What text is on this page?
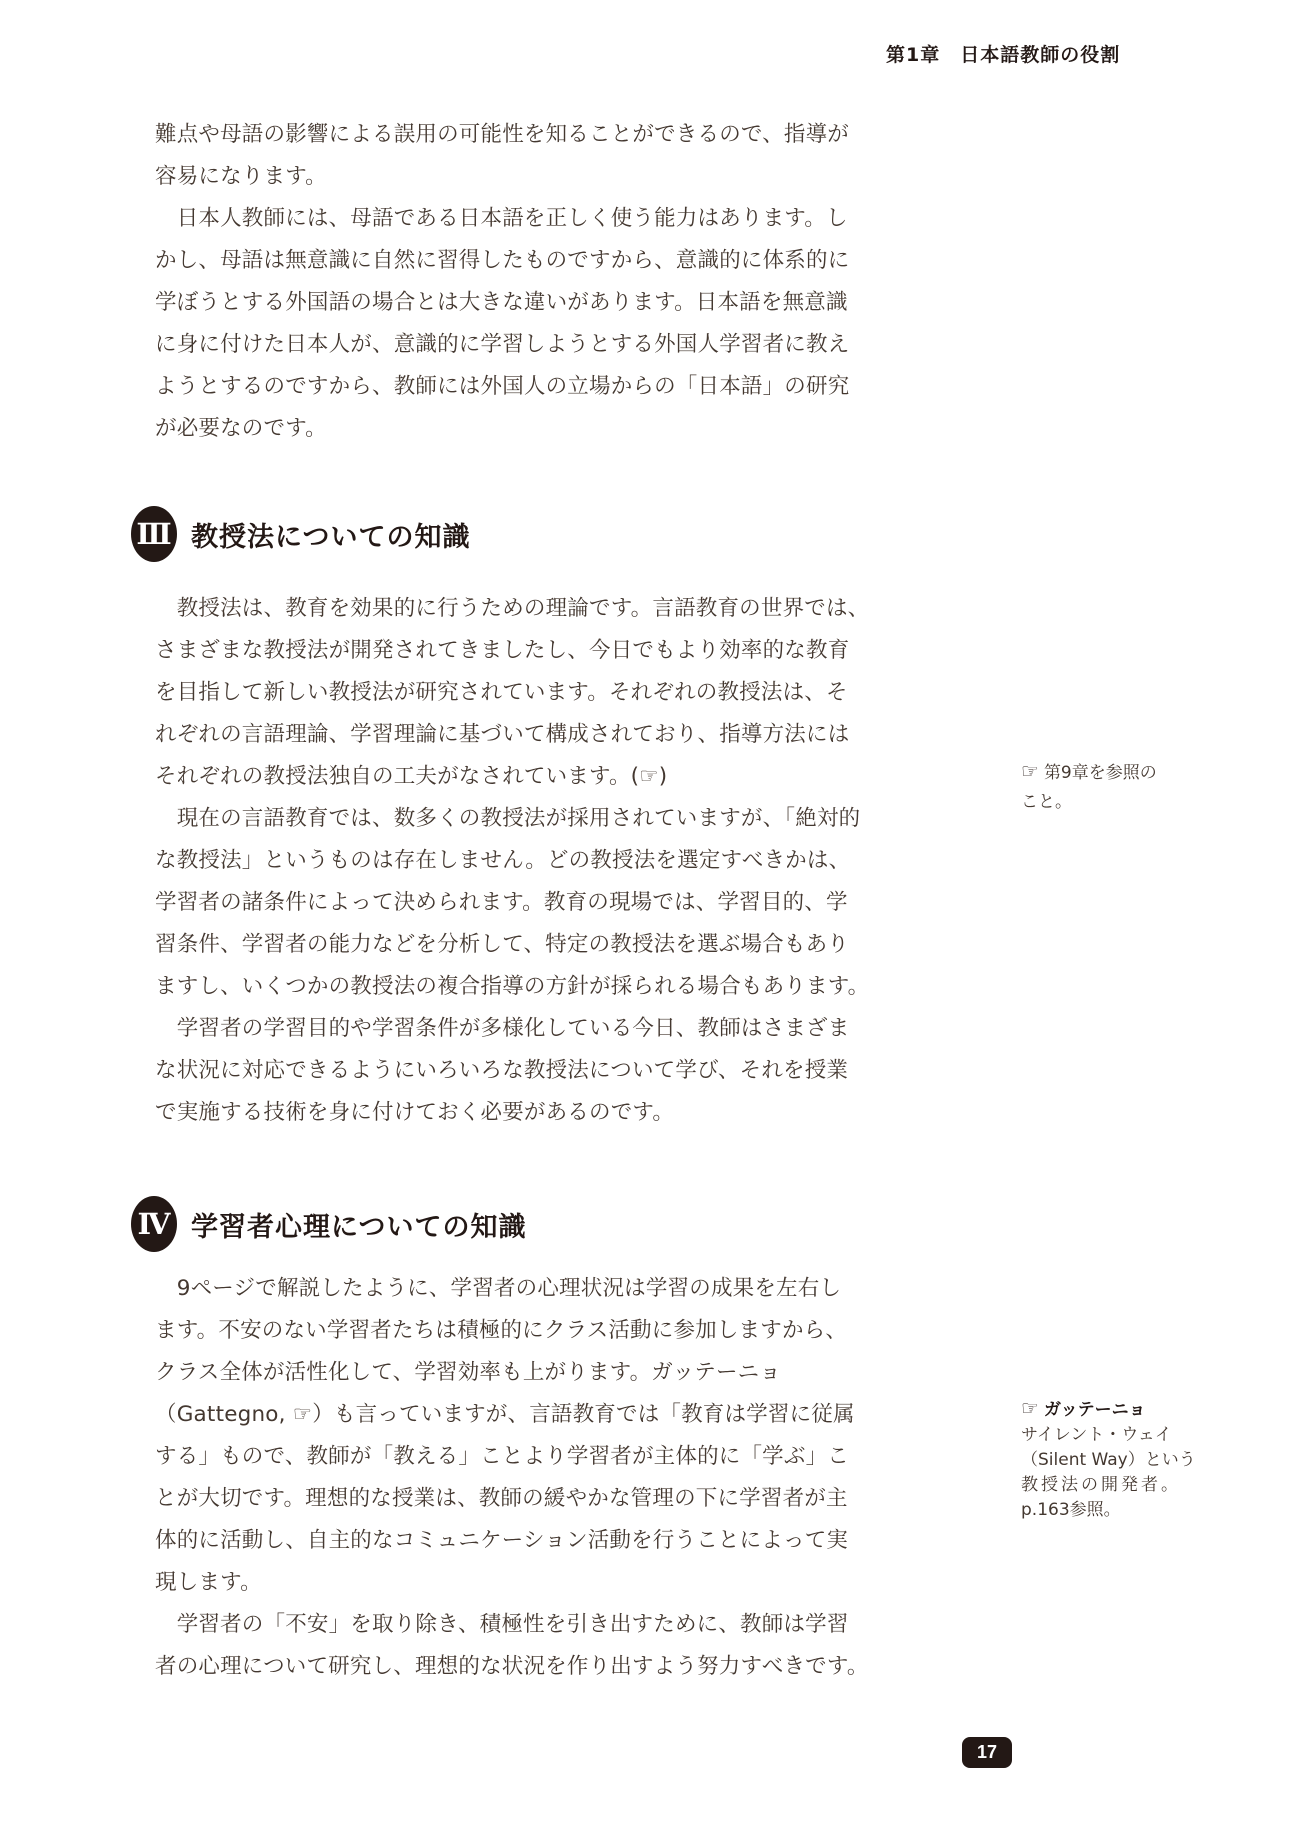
第1章　日本語教師の役割
難点や母語の影響による誤用の可能性を知ることができるので、指導が
容易になります。
　日本人教師には、母語である日本語を正しく使う能力はあります。し
かし、母語は無意識に自然に習得したものですから、意識的に体系的に
学ぼうとする外国語の場合とは大きな違いがあります。日本語を無意識
に身に付けた日本人が、意識的に学習しようとする外国人学習者に教え
ようとするのですから、教師には外国人の立場からの「日本語」の研究
が必要なのです。
Ⅲ 教授法についての知識
　教授法は、教育を効果的に行うための理論です。言語教育の世界では、
さまざまな教授法が開発されてきましたし、今日でもより効率的な教育
を目指して新しい教授法が研究されています。それぞれの教授法は、そ
れぞれの言語理論、学習理論に基づいて構成されており、指導方法には
それぞれの教授法独自の工夫がなされています。(☞)
　現在の言語教育では、数多くの教授法が採用されていますが、「絶対的
な教授法」というものは存在しません。どの教授法を選定すべきかは、
学習者の諸条件によって決められます。教育の現場では、学習目的、学
習条件、学習者の能力などを分析して、特定の教授法を選ぶ場合もあり
ますし、いくつかの教授法の複合指導の方針が採られる場合もあります。
　学習者の学習目的や学習条件が多様化している今日、教師はさまざま
な状況に対応できるようにいろいろな教授法について学び、それを授業
で実施する技術を身に付けておく必要があるのです。
Ⅳ 学習者心理についての知識
　9ページで解説したように、学習者の心理状況は学習の成果を左右し
ます。不安のない学習者たちは積極的にクラス活動に参加しますから、
クラス全体が活性化して、学習効率も上がります。ガッテーニョ
（Gattegno, ☞）も言っていますが、言語教育では「教育は学習に従属
する」もので、教師が「教える」ことより学習者が主体的に「学ぶ」こ
とが大切です。理想的な授業は、教師の緩やかな管理の下に学習者が主
体的に活動し、自主的なコミュニケーション活動を行うことによって実
現します。
　学習者の「不安」を取り除き、積極性を引き出すために、教師は学習
者の心理について研究し、理想的な状況を作り出すよう努力すべきです。
☞ 第9章を参照の
こと。
☞ ガッテーニョ
サイレント・ウェイ
（Silent Way）という
教授法の開発者。
p.163参照。
17
